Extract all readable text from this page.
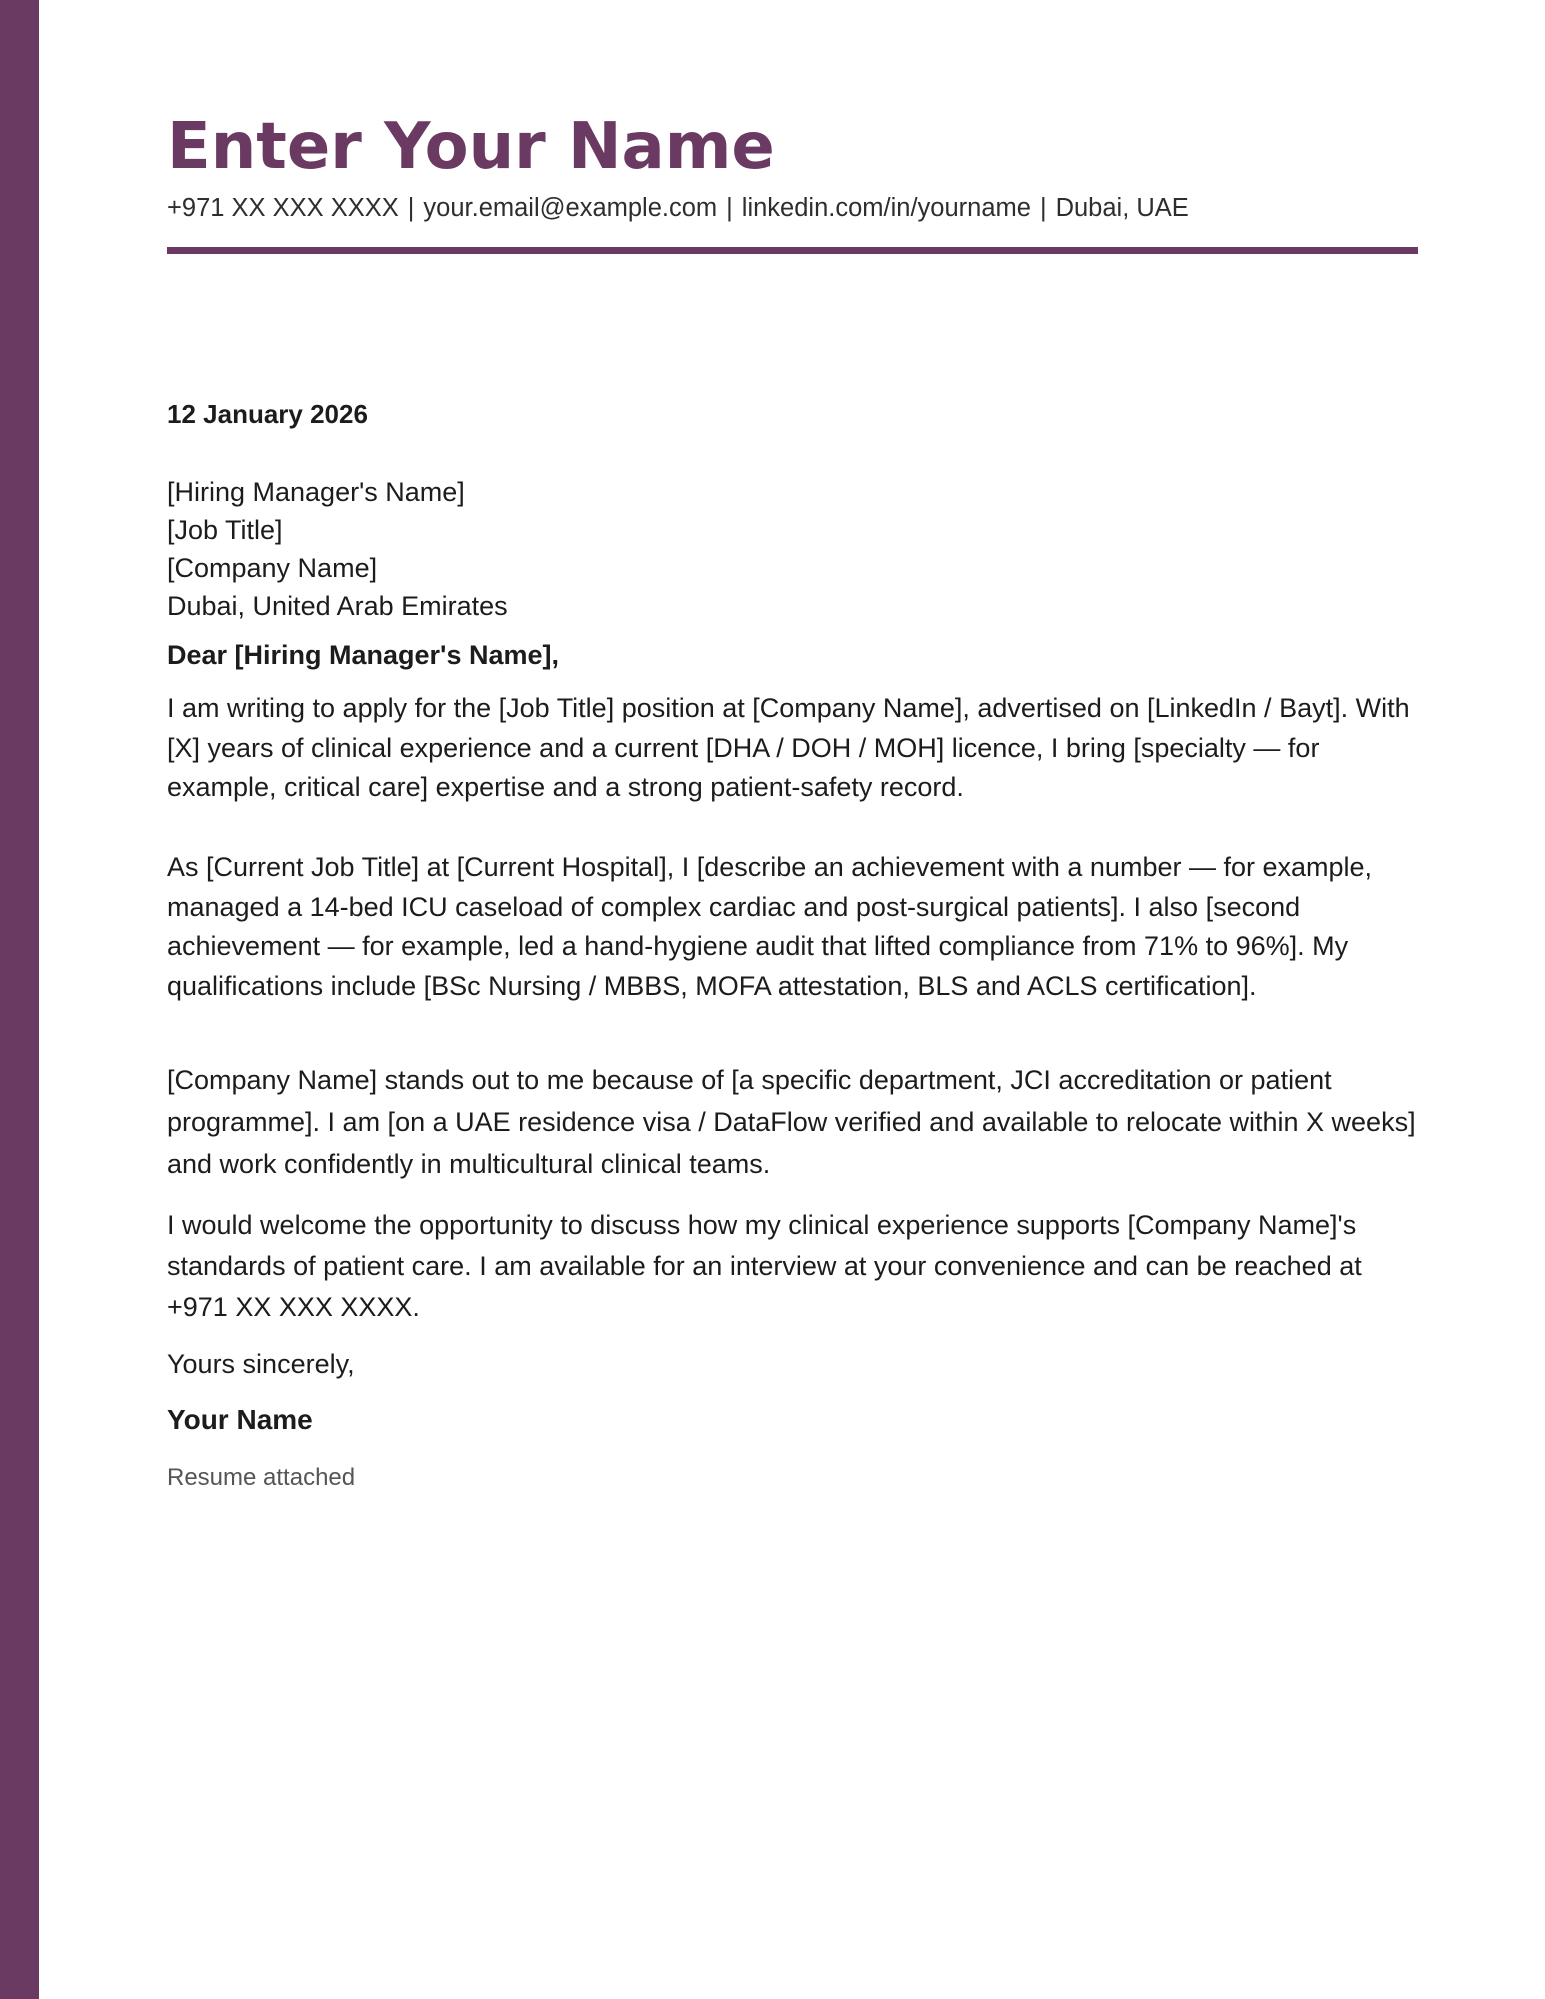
Enter Your Name
+971 XX XXX XXXX | your.email@example.com | linkedin.com/in/yourname | Dubai, UAE
12 January 2026
[Hiring Manager's Name]
[Job Title]
[Company Name]
Dubai, United Arab Emirates
Dear [Hiring Manager's Name],

I am writing to apply for the [Job Title] position at [Company Name], advertised on [LinkedIn / Bayt]. With [X] years of clinical experience and a current [DHA / DOH / MOH] licence, I bring [specialty — for example, critical care] expertise and a strong patient-safety record.

As [Current Job Title] at [Current Hospital], I [describe an achievement with a number — for example, managed a 14-bed ICU caseload of complex cardiac and post-surgical patients]. I also [second achievement — for example, led a hand-hygiene audit that lifted compliance from 71% to 96%]. My qualifications include [BSc Nursing / MBBS, MOFA attestation, BLS and ACLS certification].

[Company Name] stands out to me because of [a specific department, JCI accreditation or patient programme]. I am [on a UAE residence visa / DataFlow verified and available to relocate within X weeks] and work confidently in multicultural clinical teams.

I would welcome the opportunity to discuss how my clinical experience supports [Company Name]'s standards of patient care. I am available for an interview at your convenience and can be reached at +971 XX XXX XXXX.

Yours sincerely,
Your Name
Resume attached
